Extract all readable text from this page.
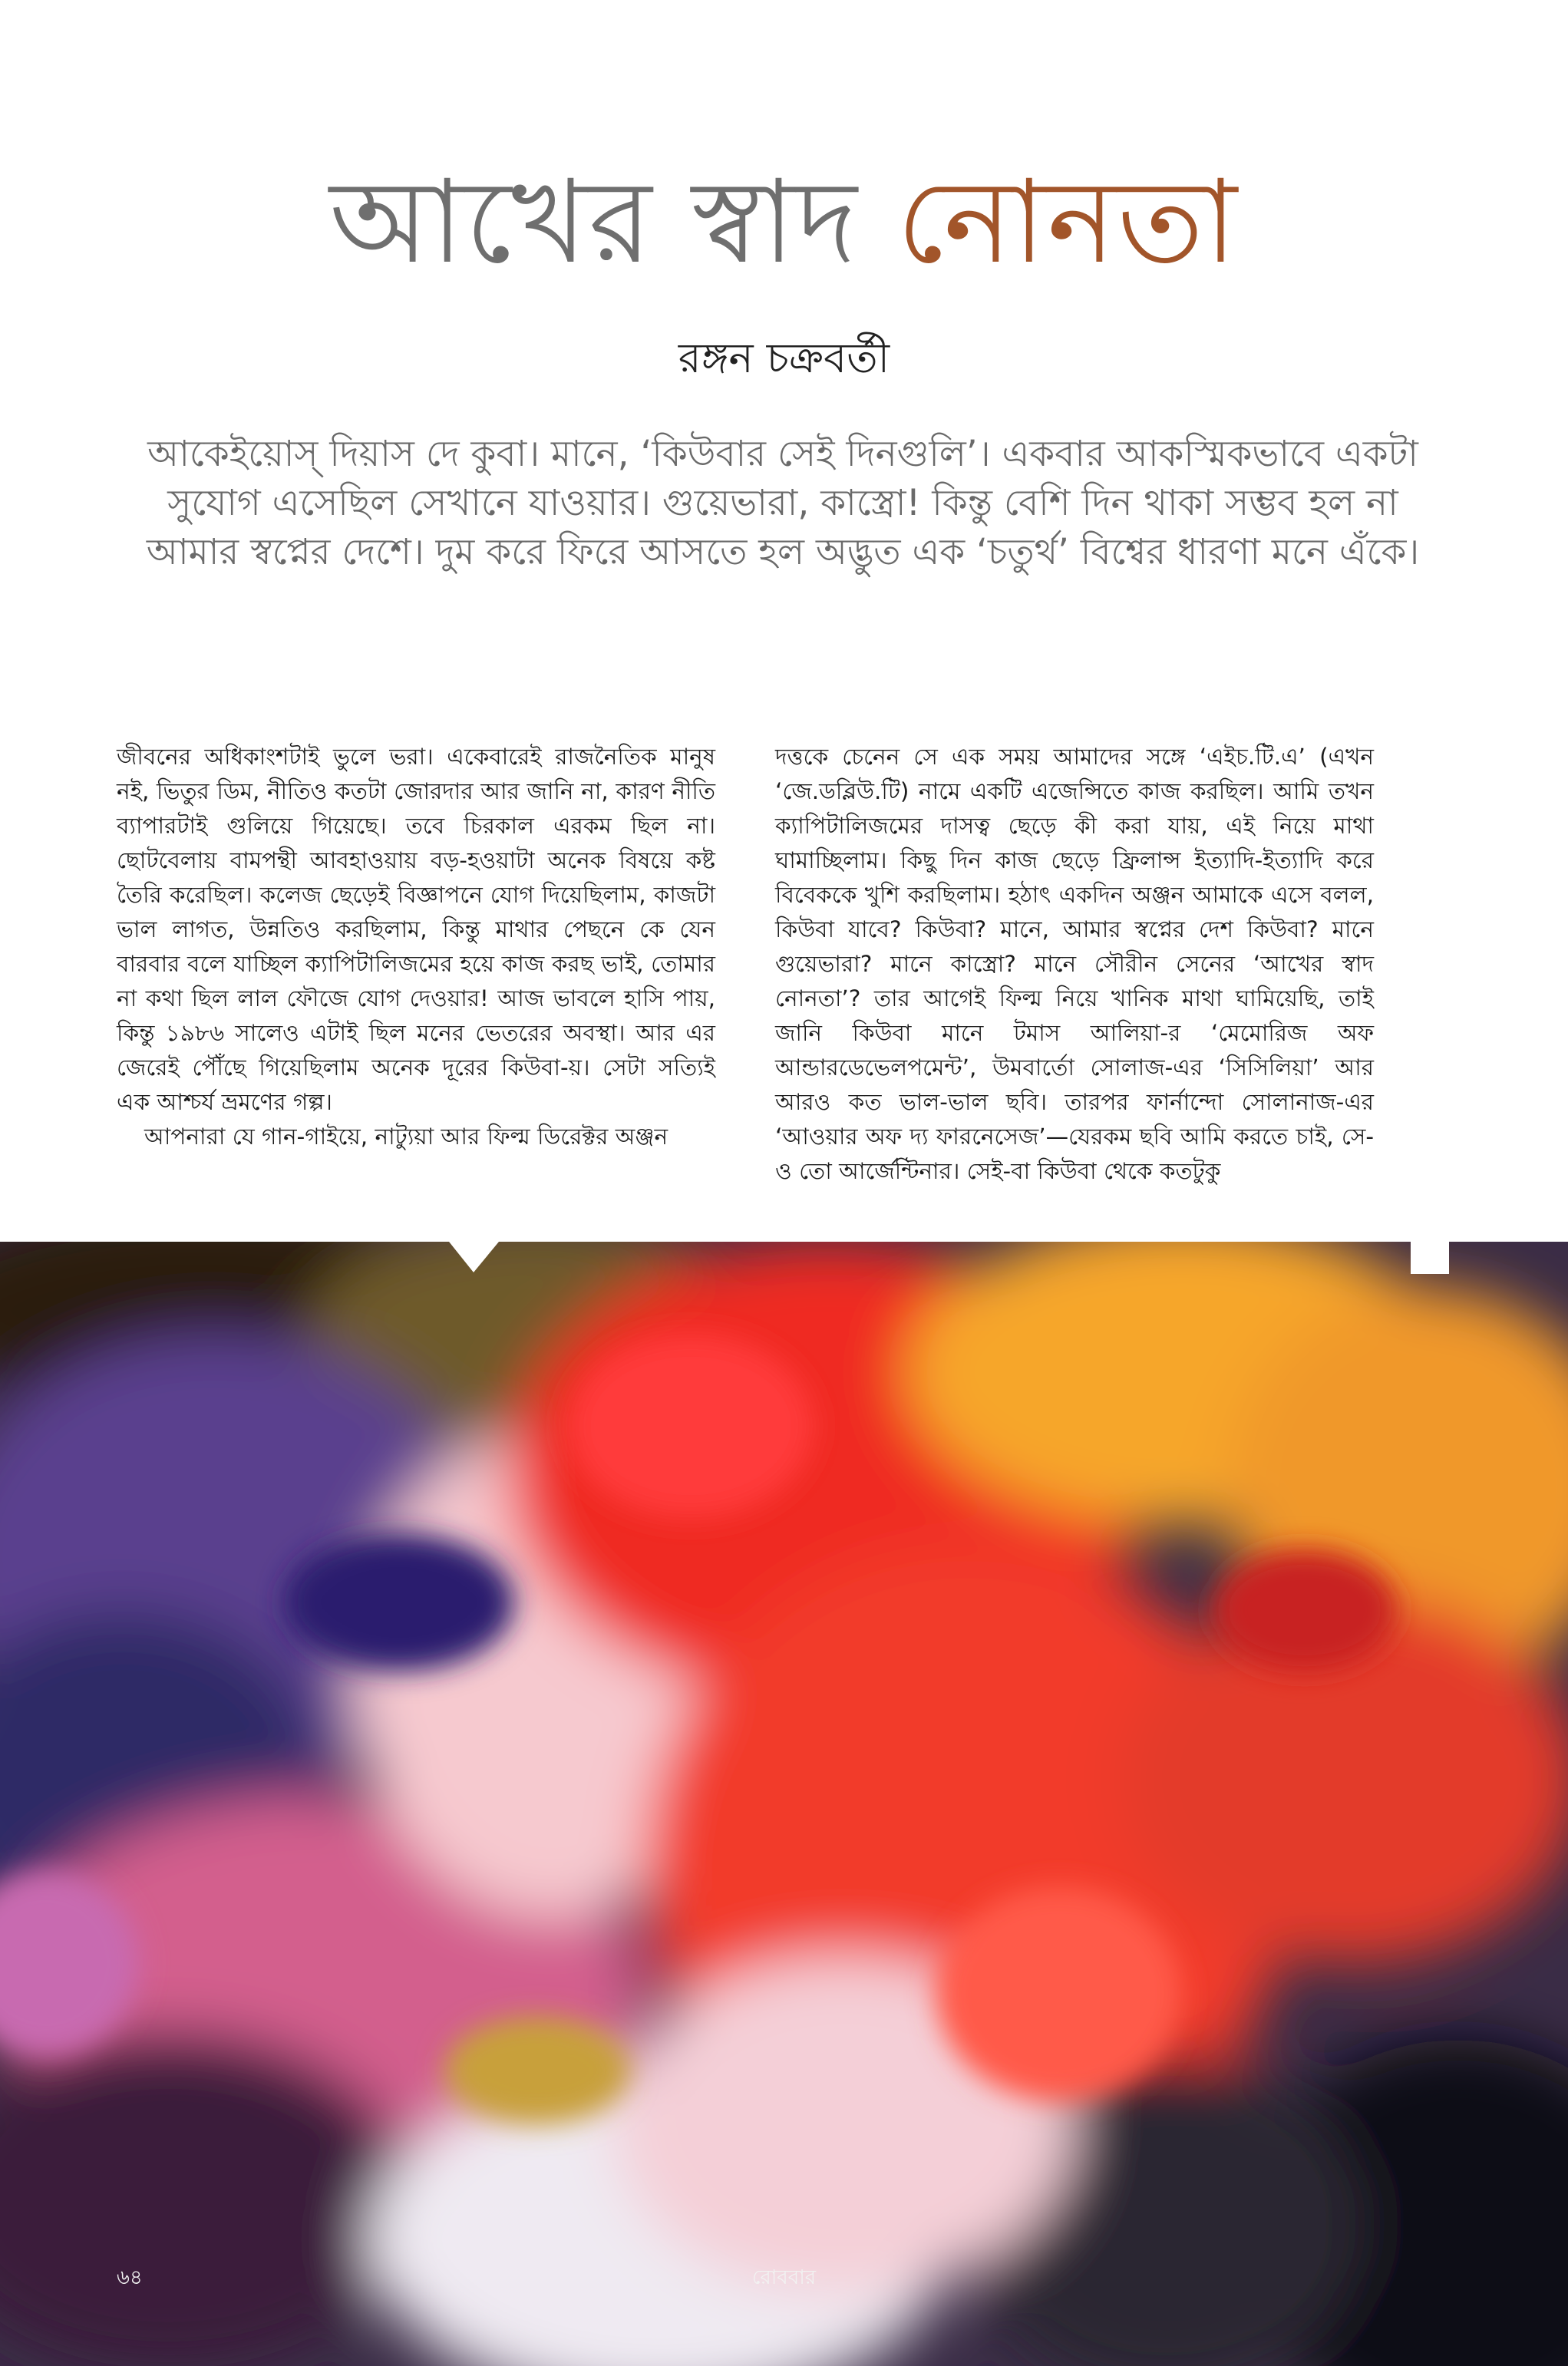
আখের স্বাদ নোনতা
রঙ্গন চক্রবর্তী
আকেইয়োস্ দিয়াস দে কুবা। মানে, ‘কিউবার সেই দিনগুলি’। একবার আকস্মিকভাবে একটা সুযোগ এসেছিল সেখানে যাওয়ার। গুয়েভারা, কাস্ত্রো! কিন্তু বেশি দিন থাকা সম্ভব হল না আমার স্বপ্নের দেশে। দুম করে ফিরে আসতে হল অদ্ভুত এক ‘চতুর্থ’ বিশ্বের ধারণা মনে এঁকে।

জীবনের অধিকাংশটাই ভুলে ভরা। একেবারেই রাজনৈতিক মানুষ নই, ভিতুর ডিম, নীতিও কতটা জোরদার আর জানি না, কারণ নীতি ব্যাপারটাই গুলিয়ে গিয়েছে। তবে চিরকাল এরকম ছিল না। ছোটবেলায় বামপন্থী আবহাওয়ায় বড়-হওয়াটা অনেক বিষয়ে কষ্ট তৈরি করেছিল। কলেজ ছেড়েই বিজ্ঞাপনে যোগ দিয়েছিলাম, কাজটা ভাল লাগত, উন্নতিও করছিলাম, কিন্তু মাথার পেছনে কে যেন বারবার বলে যাচ্ছিল ক্যাপিটালিজমের হয়ে কাজ করছ ভাই, তোমার না কথা ছিল লাল ফৌজে যোগ দেওয়ার! আজ ভাবলে হাসি পায়, কিন্তু ১৯৮৬ সালেও এটাই ছিল মনের ভেতরের অবস্থা। আর এর জেরেই পৌঁছে গিয়েছিলাম অনেক দূরের কিউবা-য়। সেটা সত্যিই এক আশ্চর্য ভ্রমণের গল্প।

আপনারা যে গান-গাইয়ে, নাট্যুয়া আর ফিল্ম ডিরেক্টর অঞ্জন

দত্তকে চেনেন সে এক সময় আমাদের সঙ্গে ‘এইচ.টি.এ’ (এখন ‘জে.ডব্লিউ.টি) নামে একটি এজেন্সিতে কাজ করছিল। আমি তখন ক্যাপিটালিজমের দাসত্ব ছেড়ে কী করা যায়, এই নিয়ে মাথা ঘামাচ্ছিলাম। কিছু দিন কাজ ছেড়ে ফ্রিলান্স ইত্যাদি-ইত্যাদি করে বিবেককে খুশি করছিলাম। হঠাৎ একদিন অঞ্জন আমাকে এসে বলল, কিউবা যাবে? কিউবা? মানে, আমার স্বপ্নের দেশ কিউবা? মানে গুয়েভারা? মানে কাস্ত্রো? মানে সৌরীন সেনের ‘আখের স্বাদ নোনতা’? তার আগেই ফিল্ম নিয়ে খানিক মাথা ঘামিয়েছি, তাই জানি কিউবা মানে টমাস আলিয়া-র ‘মেমোরিজ অফ আন্ডারডেভেলপমেন্ট’, উমবার্তো সোলাজ-এর ‘সিসিলিয়া’ আর আরও কত ভাল-ভাল ছবি। তারপর ফার্নান্দো সোলানাজ-এর ‘আওয়ার অফ দ্য ফারনেসেজ’—যেরকম ছবি আমি করতে চাই, সে-ও তো আর্জেন্টিনার। সেই-বা কিউবা থেকে কতটুকু

৬৪	রোববার
